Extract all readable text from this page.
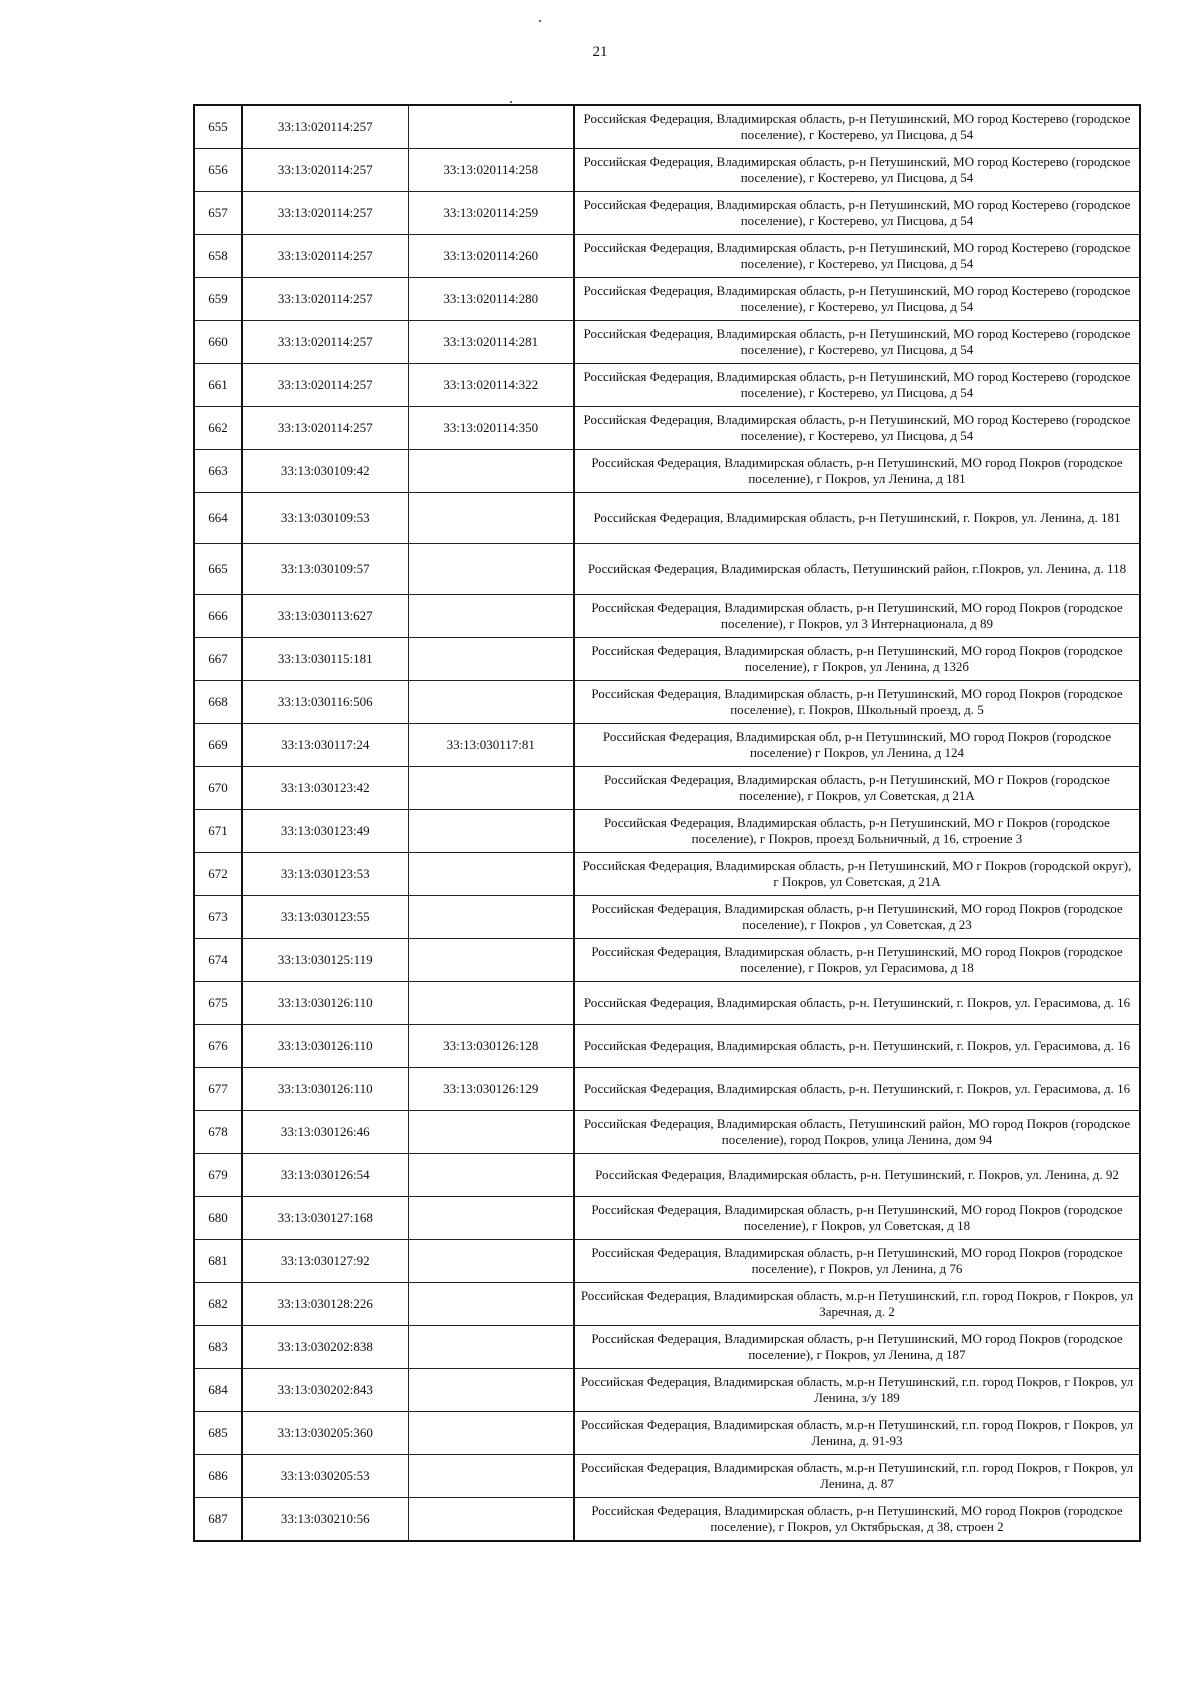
21
655	33:13:020114:257		Российская Федерация, Владимирская область, р-н Петушинский, МО город Костерево (городское поселение), г Костерево, ул Писцова, д 54
656	33:13:020114:257	33:13:020114:258	Российская Федерация, Владимирская область, р-н Петушинский, МО город Костерево (городское поселение), г Костерево, ул Писцова, д 54
657	33:13:020114:257	33:13:020114:259	Российская Федерация, Владимирская область, р-н Петушинский, МО город Костерево (городское поселение), г Костерево, ул Писцова, д 54
658	33:13:020114:257	33:13:020114:260	Российская Федерация, Владимирская область, р-н Петушинский, МО город Костерево (городское поселение), г Костерево, ул Писцова, д 54
659	33:13:020114:257	33:13:020114:280	Российская Федерация, Владимирская область, р-н Петушинский, МО город Костерево (городское поселение), г Костерево, ул Писцова, д 54
660	33:13:020114:257	33:13:020114:281	Российская Федерация, Владимирская область, р-н Петушинский, МО город Костерево (городское поселение), г Костерево, ул Писцова, д 54
661	33:13:020114:257	33:13:020114:322	Российская Федерация, Владимирская область, р-н Петушинский, МО город Костерево (городское поселение), г Костерево, ул Писцова, д 54
662	33:13:020114:257	33:13:020114:350	Российская Федерация, Владимирская область, р-н Петушинский, МО город Костерево (городское поселение), г Костерево, ул Писцова, д 54
663	33:13:030109:42		Российская Федерация, Владимирская область, р-н Петушинский, МО город Покров (городское поселение), г Покров, ул Ленина, д 181
664	33:13:030109:53		Российская Федерация, Владимирская область, р-н Петушинский, г. Покров, ул. Ленина, д. 181
665	33:13:030109:57		Российская Федерация, Владимирская область, Петушинский район, г.Покров, ул. Ленина, д. 118
666	33:13:030113:627		Российская Федерация, Владимирская область, р-н Петушинский, МО город Покров (городское поселение), г Покров, ул 3 Интернационала, д 89
667	33:13:030115:181		Российская Федерация, Владимирская область, р-н Петушинский, МО город Покров (городское поселение), г Покров, ул Ленина, д 132б
668	33:13:030116:506		Российская Федерация, Владимирская область, р-н Петушинский, МО город Покров (городское поселение), г. Покров, Школьный проезд, д. 5
669	33:13:030117:24	33:13:030117:81	Российская Федерация, Владимирская обл, р-н Петушинский, МО город Покров (городское поселение) г Покров, ул Ленина, д 124
670	33:13:030123:42		Российская Федерация, Владимирская область, р-н Петушинский, МО г Покров (городское поселение), г Покров, ул Советская, д 21А
671	33:13:030123:49		Российская Федерация, Владимирская область, р-н Петушинский, МО г Покров (городское поселение), г Покров, проезд Больничный, д 16, строение 3
672	33:13:030123:53		Российская Федерация, Владимирская область, р-н Петушинский, МО г Покров (городской округ), г Покров, ул Советская, д 21А
673	33:13:030123:55		Российская Федерация, Владимирская область, р-н Петушинский, МО город Покров (городское поселение), г Покров , ул Советская, д 23
674	33:13:030125:119		Российская Федерация, Владимирская область, р-н Петушинский, МО город Покров (городское поселение), г Покров, ул Герасимова, д 18
675	33:13:030126:110		Российская Федерация, Владимирская область, р-н. Петушинский, г. Покров, ул. Герасимова, д. 16
676	33:13:030126:110	33:13:030126:128	Российская Федерация, Владимирская область, р-н. Петушинский, г. Покров, ул. Герасимова, д. 16
677	33:13:030126:110	33:13:030126:129	Российская Федерация, Владимирская область, р-н. Петушинский, г. Покров, ул. Герасимова, д. 16
678	33:13:030126:46		Российская Федерация, Владимирская область, Петушинский район, МО город Покров (городское поселение), город Покров, улица Ленина, дом 94
679	33:13:030126:54		Российская Федерация, Владимирская область, р-н. Петушинский, г. Покров, ул. Ленина, д. 92
680	33:13:030127:168		Российская Федерация, Владимирская область, р-н Петушинский, МО город Покров (городское поселение), г Покров, ул Советская, д 18
681	33:13:030127:92		Российская Федерация, Владимирская область, р-н Петушинский, МО город Покров (городское поселение), г Покров, ул Ленина, д 76
682	33:13:030128:226		Российская Федерация, Владимирская область, м.р-н Петушинский, г.п. город Покров, г Покров, ул Заречная, д. 2
683	33:13:030202:838		Российская Федерация, Владимирская область, р-н Петушинский, МО город Покров (городское поселение), г Покров, ул Ленина, д 187
684	33:13:030202:843		Российская Федерация, Владимирская область, м.р-н Петушинский, г.п. город Покров, г Покров, ул Ленина, з/у 189
685	33:13:030205:360		Российская Федерация, Владимирская область, м.р-н Петушинский, г.п. город Покров, г Покров, ул Ленина, д. 91-93
686	33:13:030205:53		Российская Федерация, Владимирская область, м.р-н Петушинский, г.п. город Покров, г Покров, ул Ленина, д. 87
687	33:13:030210:56		Российская Федерация, Владимирская область, р-н Петушинский, МО город Покров (городское поселение), г Покров, ул Октябрьская, д 38, строен 2
